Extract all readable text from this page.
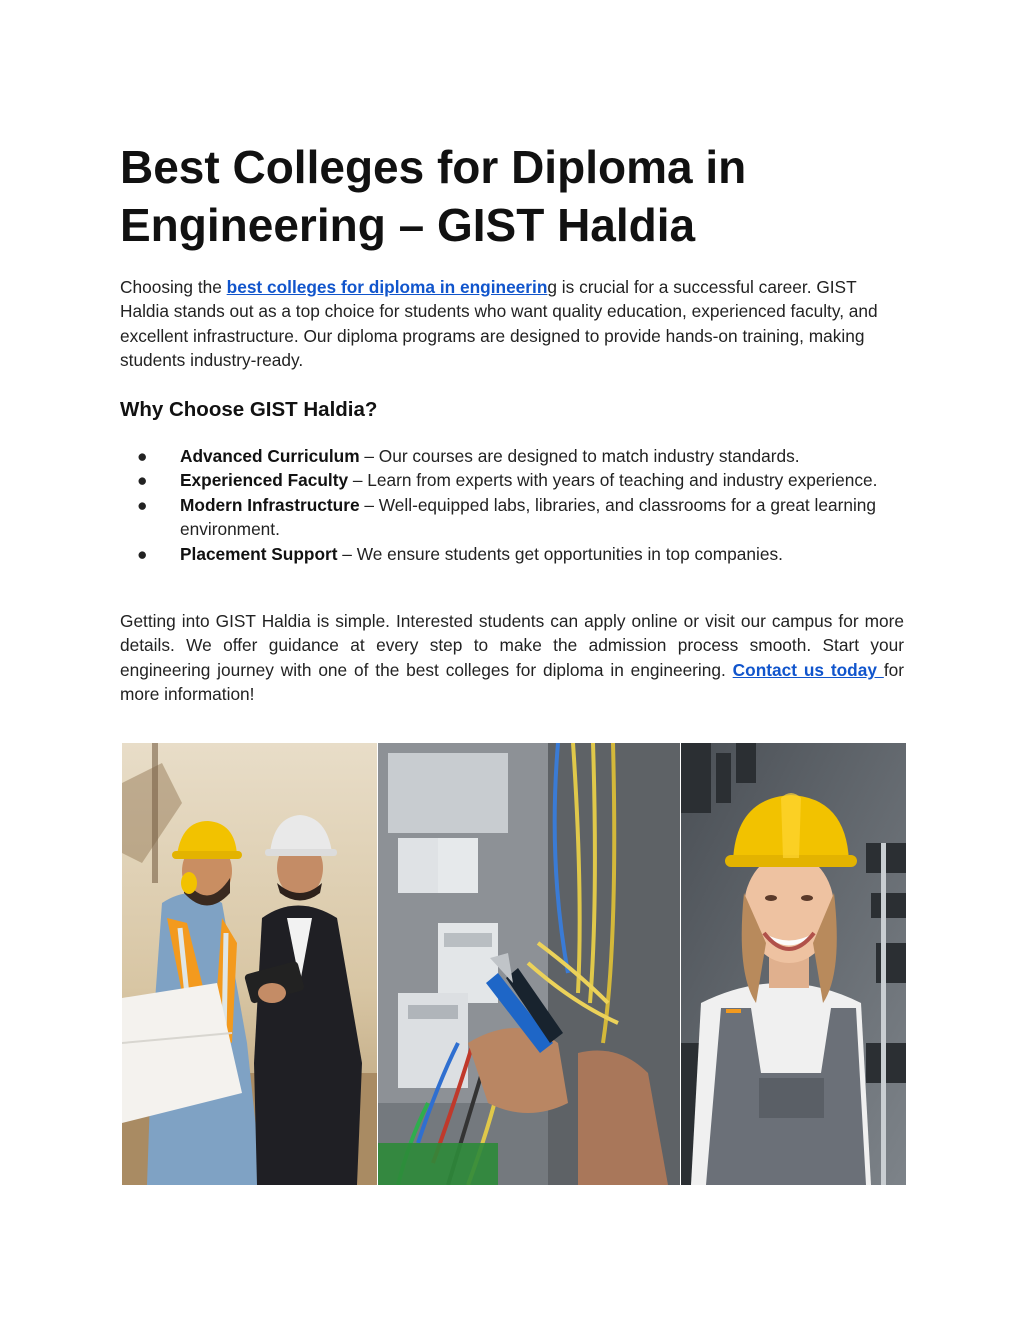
Best Colleges for Diploma in
Engineering – GIST Haldia

Choosing the best colleges for diploma in engineering is crucial for a successful career. GIST Haldia stands out as a top choice for students who want quality education, experienced faculty, and excellent infrastructure. Our diploma programs are designed to provide hands-on training, making students industry-ready.

Why Choose GIST Haldia?
● Advanced Curriculum – Our courses are designed to match industry standards.
● Experienced Faculty – Learn from experts with years of teaching and industry experience.
● Modern Infrastructure – Well-equipped labs, libraries, and classrooms for a great learning environment.
● Placement Support – We ensure students get opportunities in top companies.

Getting into GIST Haldia is simple. Interested students can apply online or visit our campus for more details. We offer guidance at every step to make the admission process smooth. Start your engineering journey with one of the best colleges for diploma in engineering. Contact us today for more information!
